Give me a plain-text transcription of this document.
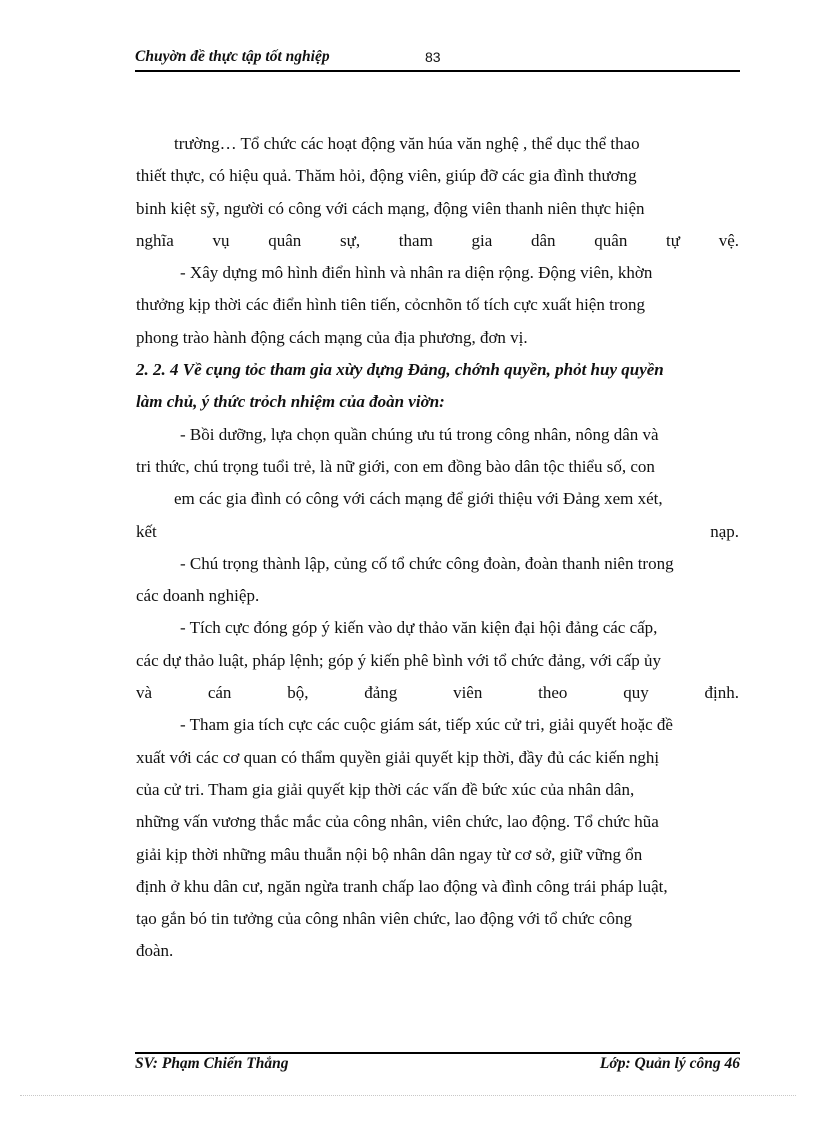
Chuyờn đề thực tập tốt nghiệp	83
trường… Tổ chức các hoạt động văn húa văn nghệ , thể dục thể thao
thiết thực, có hiệu quả. Thăm hỏi, động viên, giúp đỡ các gia đình thương
binh kiệt sỹ, người có công với cách mạng, động viên thanh niên thực hiện
nghĩa vụ quân sự, tham gia dân quân tự vệ.
- Xây dựng mô hình điển hình và nhân ra diện rộng. Động viên, khờn
thưởng kịp thời các điển hình tiên tiến, cỏcnhõn tố tích cực xuất hiện trong
phong trào hành động cách mạng của địa phương, đơn vị.
2. 2. 4 Về cụng tỏc tham gia xừy dựng Đảng, chớnh quyền, phỏt huy quyền
làm chủ, ý thức trỏch nhiệm của đoàn viờn:
- Bồi dưỡng, lựa chọn quần chúng ưu tú trong công nhân, nông dân và
tri thức, chú trọng tuổi trẻ, là nữ giới, con em đồng bào dân tộc thiểu số, con
em các gia đình có công với cách mạng để giới thiệu với Đảng xem xét,
kết	nạp.
- Chú trọng thành lập, củng cố tổ chức công đoàn, đoàn thanh niên trong
các doanh nghiệp.
- Tích cực đóng góp ý kiến vào dự thảo văn kiện đại hội đảng các cấp,
các dự thảo luật, pháp lệnh; góp ý kiến phê bình với tổ chức đảng, với cấp ủy
và	cán	bộ,	đảng	viên	theo	quy	định.
- Tham gia tích cực các cuộc giám sát, tiếp xúc cử tri, giải quyết hoặc đề
xuất với các cơ quan có thẩm quyền giải quyết kịp thời, đầy đủ các kiến nghị
của cử tri. Tham gia giải quyết kịp thời các vấn đề bức xúc của nhân dân,
những vấn vương thắc mắc của công nhân, viên chức, lao động. Tổ chức hũa
giải kịp thời những mâu thuẫn nội bộ nhân dân ngay từ cơ sở, giữ vững ổn
định ở khu dân cư, ngăn ngừa tranh chấp lao động và đình công trái pháp luật,
tạo gắn bó tin tưởng của công nhân viên chức, lao động với tổ chức công
đoàn.
SV: Phạm Chiến Thắng	Lớp: Quản lý công 46
